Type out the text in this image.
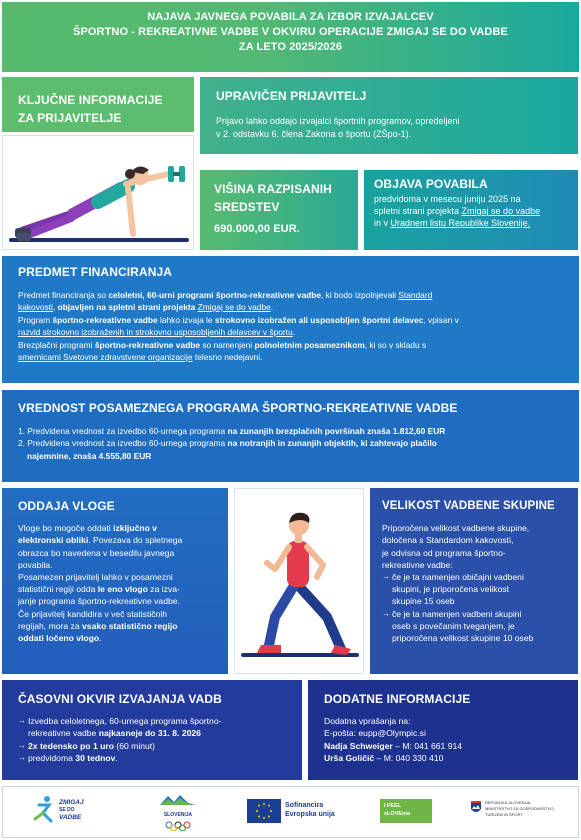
NAJAVA JAVNEGA POVABILA ZA IZBOR IZVAJALCEV
ŠPORTNO - REKREATIVNE VADBE V OKVIRU OPERACIJE ZMIGAJ SE DO VADBE
ZA LETO 2025/2026
KLJUČNE INFORMACIJE
ZA PRIJAVITELJE
UPRAVIČEN PRIJAVITELJ
Prijavo lahko oddajo izvajalci športnih programov, opredeljeni
v 2. odstavku 6. člena Zakona o športu (ZŠpo-1).
VIŠINA RAZPISANIH
SREDSTEV
690.000,00 EUR.
OBJAVA POVABILA
predvidoma v mesecu juniju 2025 na
spletni strani projekta Zmigaj se do vadbe
in v Uradnem listu Republike Slovenije.
PREDMET FINANCIRANJA

Predmet financiranja so celoletni, 60-urni programi športno-rekreativne vadbe, ki bodo izpolnjevali Standard

kakovosti, objavljen na spletni strani projekta Zmigaj se do vadbe.

Program športno-rekreativne vadbe lahko izvaja le strokovno izobražen ali usposobljen športni delavec, vpisan v

razvid strokovno izobraženih in strokovno usposobljenih delavcev v športu.

Brezplačni programi športno-rekreativne vadbe so namenjeni polnoletnim posameznikom, ki so v skladu s

smernicami Svetovne zdravstvene organizacije telesno nedejavni.

VREDNOST POSAMEZNEGA PROGRAMA ŠPORTNO-REKREATIVNE VADBE

1. Predvidena vrednost za izvedbo 60-urnega programa na zunanjih brezplačnih površinah znaša 1.812,60 EUR

2. Predvidena vrednost za izvedbo 60-urnega programa na notranjih in zunanjih objektih, ki zahtevajo plačilo

najemnine, znaša 4.555,80 EUR

ODDAJA VLOGE

Vloge bo mogoče oddati izključno v

elektronski obliki. Povezava do spletnega

obrazca bo navedena v besedilu javnega

povabila.

Posamezen prijavitelj lahko v posamezni

statistični regiji odda le eno vlogo za izva-

janje programa športno-rekreativne vadbe.

Če prijavitelj kandidira v več statističnih

regijah, mora za vsako statistično regijo

oddati ločeno vlogo.

VELIKOST VADBENE SKUPINE

Priporočena velikost vadbene skupine,

določena s Standardom kakovosti,

je odvisna od programa športno-

rekreativne vadbe:

→ če je ta namenjen običajni vadbeni
skupini, je priporočena velikost
skupine 15 oseb
→ če je ta namenjen vadbeni skupini
oseb s povečanim tveganjem, je
priporočena velikost skupine 10 oseb
ČASOVNI OKVIR IZVAJANJA VADB
→ Izvedba celoletnega, 60-urnega programa športno-
rekreativne vadbe najkasneje do 31. 8. 2026
→ 2x tedensko po 1 uro (60 minut)
→ predvidoma 30 tednov.
DODATNE INFORMACIJE

Dodatna vprašanja na:

E-pošta: eupp@Olympic.si

Nadja Schweiger – M: 041 661 914

Urša Goličič – M: 040 330 410

ZMIGAJ
SE DO
VADBE	SLOVENIJA
Sofinancira
Evropska unija
I FEEL sLOVEnia
REPUBLIKA SLOVENIJA
MINISTRSTVO ZA GOSPODARSTVO,
TURIZEM IN ŠPORT
